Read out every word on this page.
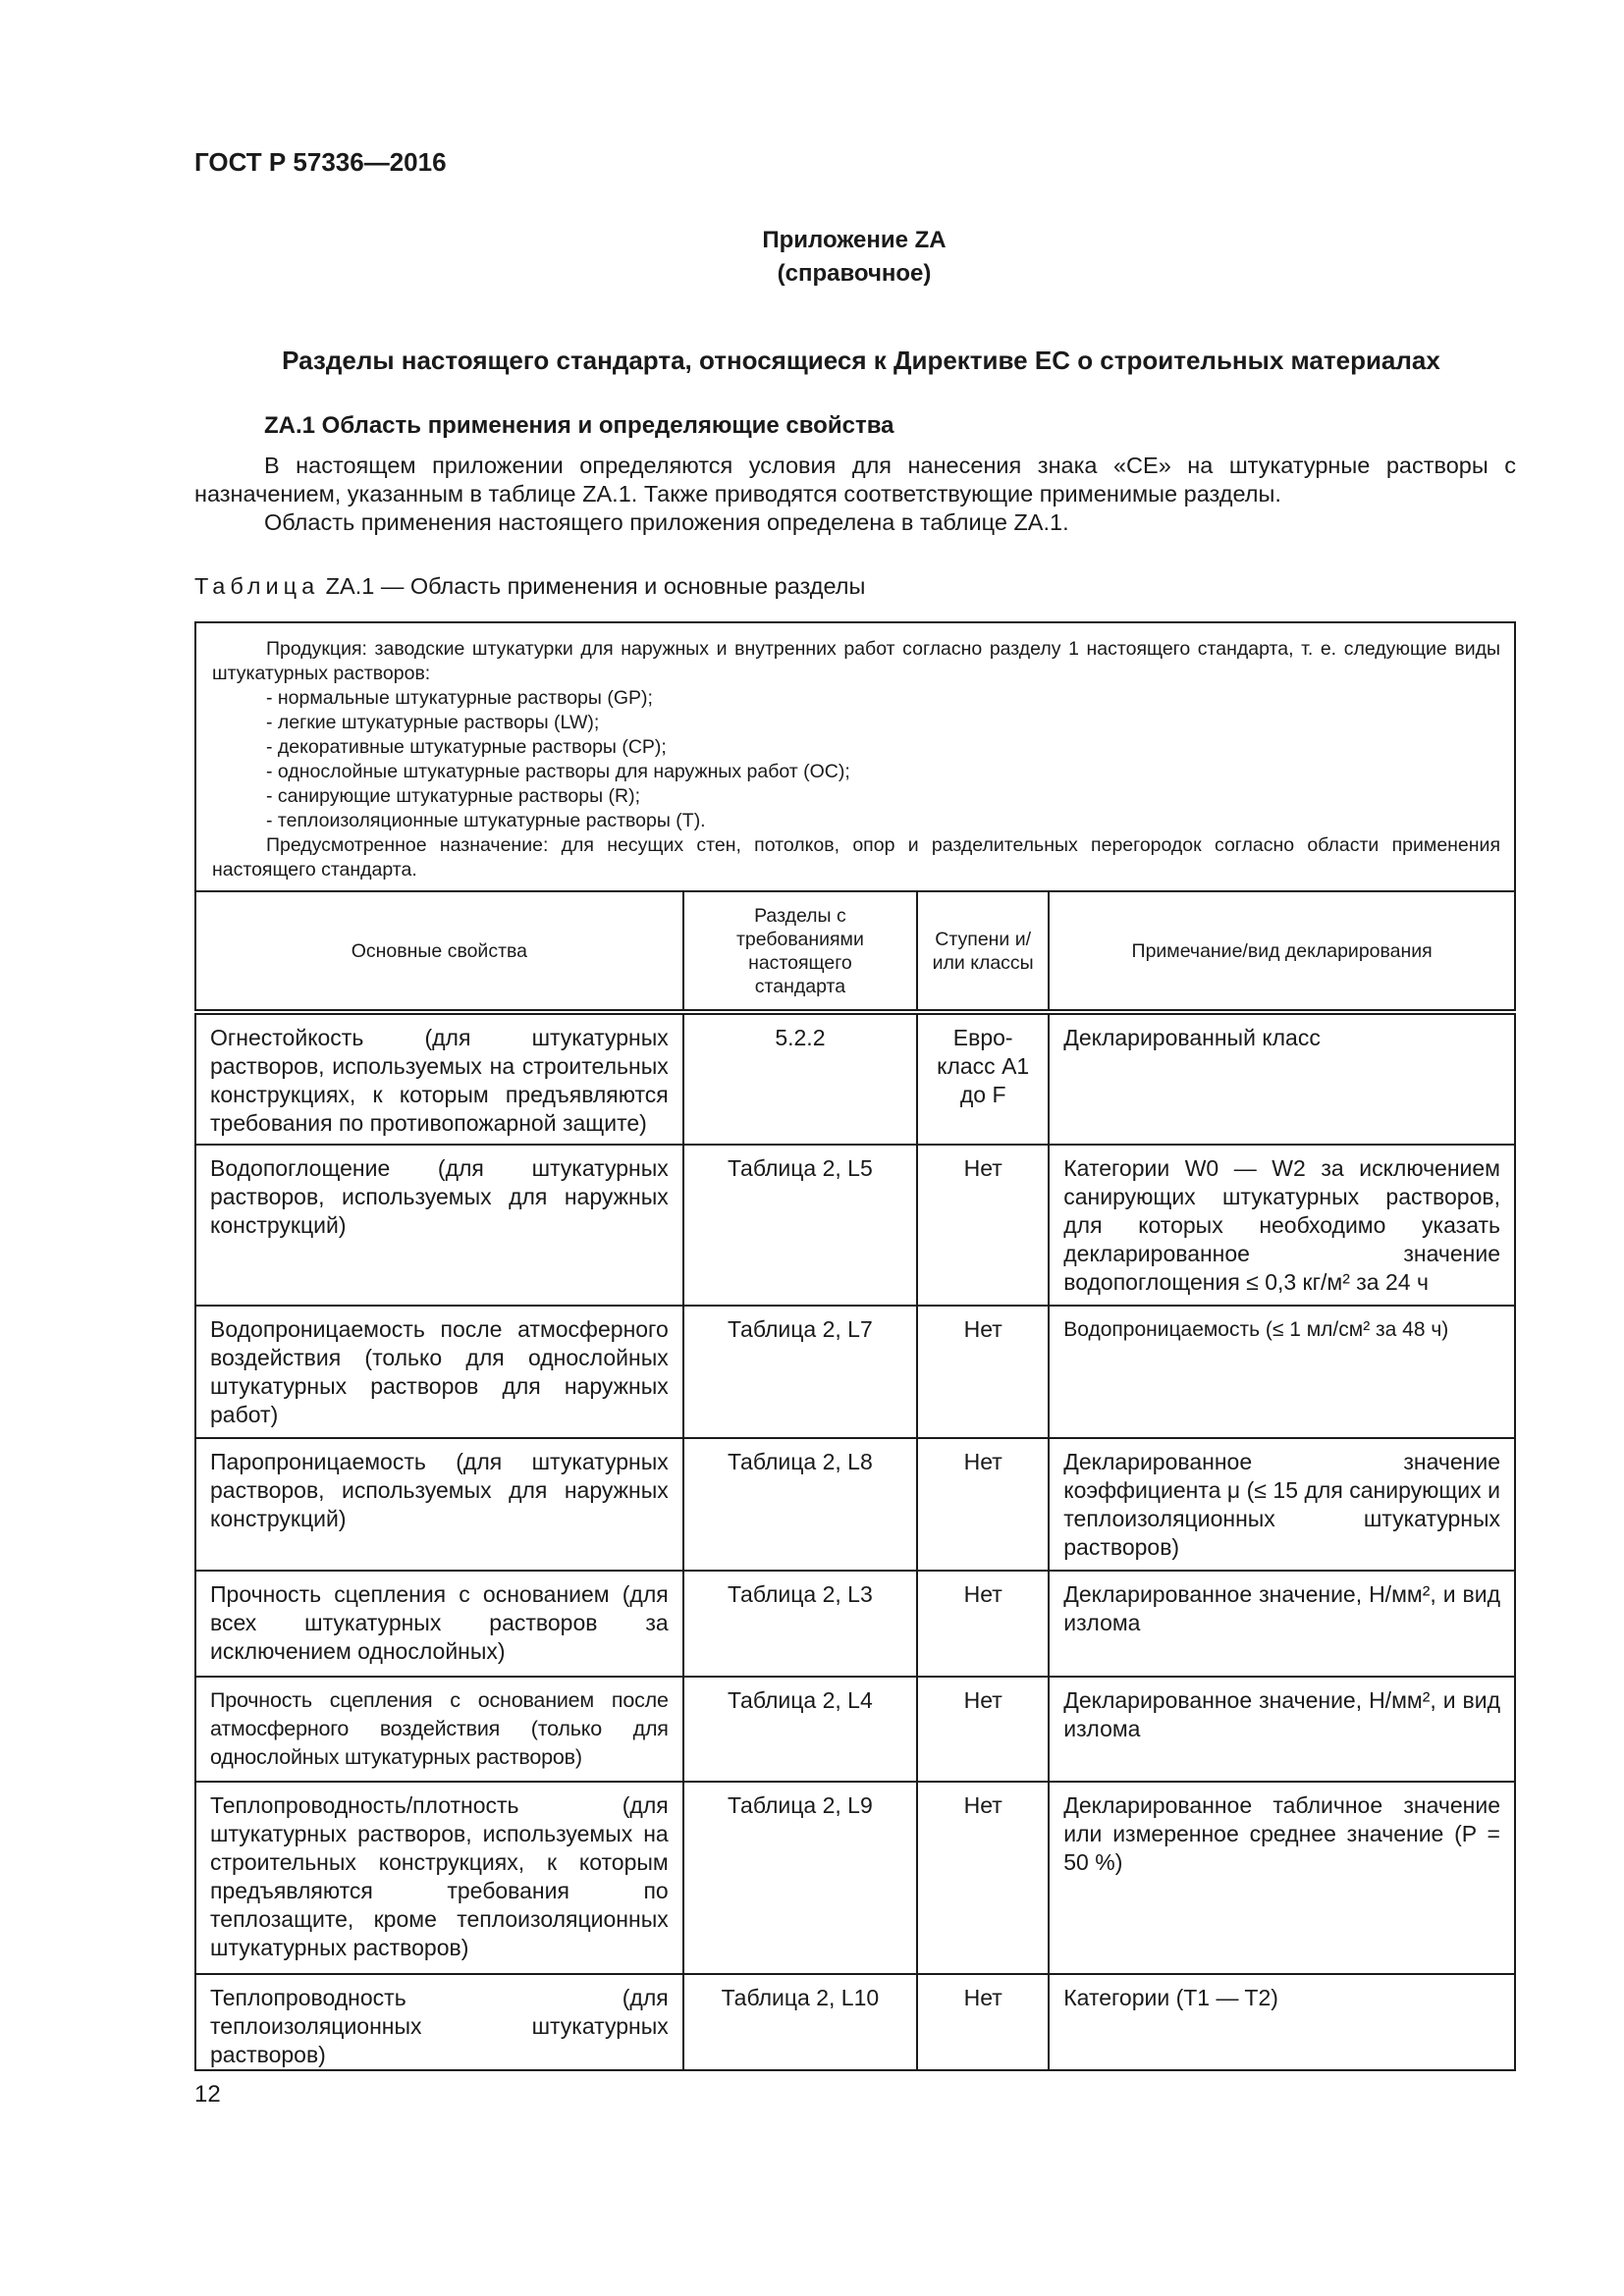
ГОСТ Р 57336—2016
Приложение ZA
(справочное)
Разделы настоящего стандарта, относящиеся к Директиве ЕС о строительных материалах
ZA.1 Область применения и определяющие свойства

В настоящем приложении определяются условия для нанесения знака «CE» на штукатурные растворы с назначением, указанным в таблице ZA.1. Также приводятся соответствующие применимые разделы.

Область применения настоящего приложения определена в таблице ZA.1.

Таблица ZA.1 — Область применения и основные разделы
Продукция: заводские штукатурки для наружных и внутренних работ согласно разделу 1 настоящего стандарта, т. е. следующие виды штукатурных растворов:
- нормальные штукатурные растворы (GP);
- легкие штукатурные растворы (LW);
- декоративные штукатурные растворы (CP);
- однослойные штукатурные растворы для наружных работ (OC);
- санирующие штукатурные растворы (R);
- теплоизоляционные штукатурные растворы (T).
Предусмотренное назначение: для несущих стен, потолков, опор и разделительных перегородок согласно области применения настоящего стандарта.
Основные свойства	Разделы с требованиями настоящего стандарта	Ступени и/или классы	Примечание/вид декларирования

Огнестойкость (для штукатурных растворов, используемых на строительных конструкциях, к которым предъявляются требования по противопожарной защите)	5.2.2	Евро-класс A1 до F	Декларированный класс

Водопоглощение (для штукатурных растворов, используемых для наружных конструкций)	Таблица 2, L5	Нет	Категории W0 — W2 за исключением санирующих штукатурных растворов, для которых необходимо указать декларированное значение водопоглощения ≤ 0,3 кг/м² за 24 ч

Водопроницаемость после атмосферного воздействия (только для однослойных штукатурных растворов для наружных работ)	Таблица 2, L7	Нет	Водопроницаемость (≤ 1 мл/см² за 48 ч)

Паропроницаемость (для штукатурных растворов, используемых для наружных конструкций)	Таблица 2, L8	Нет	Декларированное значение коэффициента μ (≤ 15 для санирующих и теплоизоляционных штукатурных растворов)

Прочность сцепления с основанием (для всех штукатурных растворов за исключением однослойных)	Таблица 2, L3	Нет	Декларированное значение, Н/мм², и вид излома

Прочность сцепления с основанием после атмосферного воздействия (только для однослойных штукатурных растворов)	Таблица 2, L4	Нет	Декларированное значение, Н/мм², и вид излома

Теплопроводность/плотность (для штукатурных растворов, используемых на строительных конструкциях, к которым предъявляются требования по теплозащите, кроме теплоизоляционных штукатурных растворов)	Таблица 2, L9	Нет	Декларированное табличное значение или измеренное среднее значение (P = 50 %)

Теплопроводность (для теплоизоляционных штукатурных растворов)	Таблица 2, L10	Нет	Категории (T1 — T2)
12
